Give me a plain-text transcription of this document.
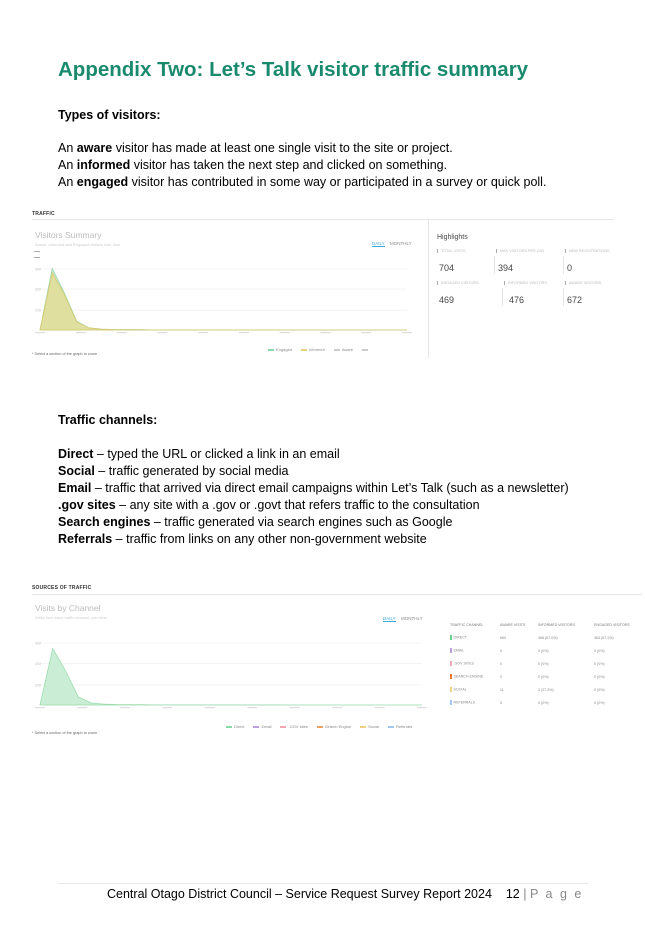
Appendix Two: Let’s Talk visitor traffic summary
Types of visitors:
An aware visitor has made at least one single visit to the site or project.
An informed visitor has taken the next step and clicked on something.
An engaged visitor has contributed in some way or participated in a survey or quick poll.
TRAFFIC
Visitors Summary
Aware, Informed and Engaged visitors over time	DAILY MONTHLY
400
200
100
Engaged	Informed	Aware
* Select a section of the graph to zoom
Highlights
TOTAL VISITS
704
MAX VISITORS PER DAY
394
NEW REGISTRATIONS
0
ENGAGED VISITORS
469
INFORMED VISITORS
476
AWARE VISITORS
672
Traffic channels:
Direct – typed the URL or clicked a link in an email
Social – traffic generated by social media
Email – traffic that arrived via direct email campaigns within Let’s Talk (such as a newsletter)
.gov sites – any site with a .gov or .govt that refers traffic to the consultation
Search engines – traffic generated via search engines such as Google
Referrals – traffic from links on any other non-government website
SOURCES OF TRAFFIC
Visits by Channel
Visits from each traffic channel over time	DAILY MONTHLY
400
300
200
Direct	Email	.GOV sites	Search Engine	Social	Referrals
* Select a section of the graph to zoom
TRAFFIC CHANNEL	AWARE VISITS	INFORMED VISITORS	ENGAGED VISITORS
DIRECT	660	468 (67.0%)	463 (67.1%)
EMAIL	0	0 (0%)	0 (0%)
.GOV SITES	0	0 (0%)	0 (0%)
SEARCH ENGINE	0	0 (0%)	0 (0%)
SOCIAL	11	3 (27.3%)	0 (0%)
REFERRALS	0	0 (0%)	0 (0%)
Central Otago District Council – Service Request Survey Report 2024 12 | P a g e
